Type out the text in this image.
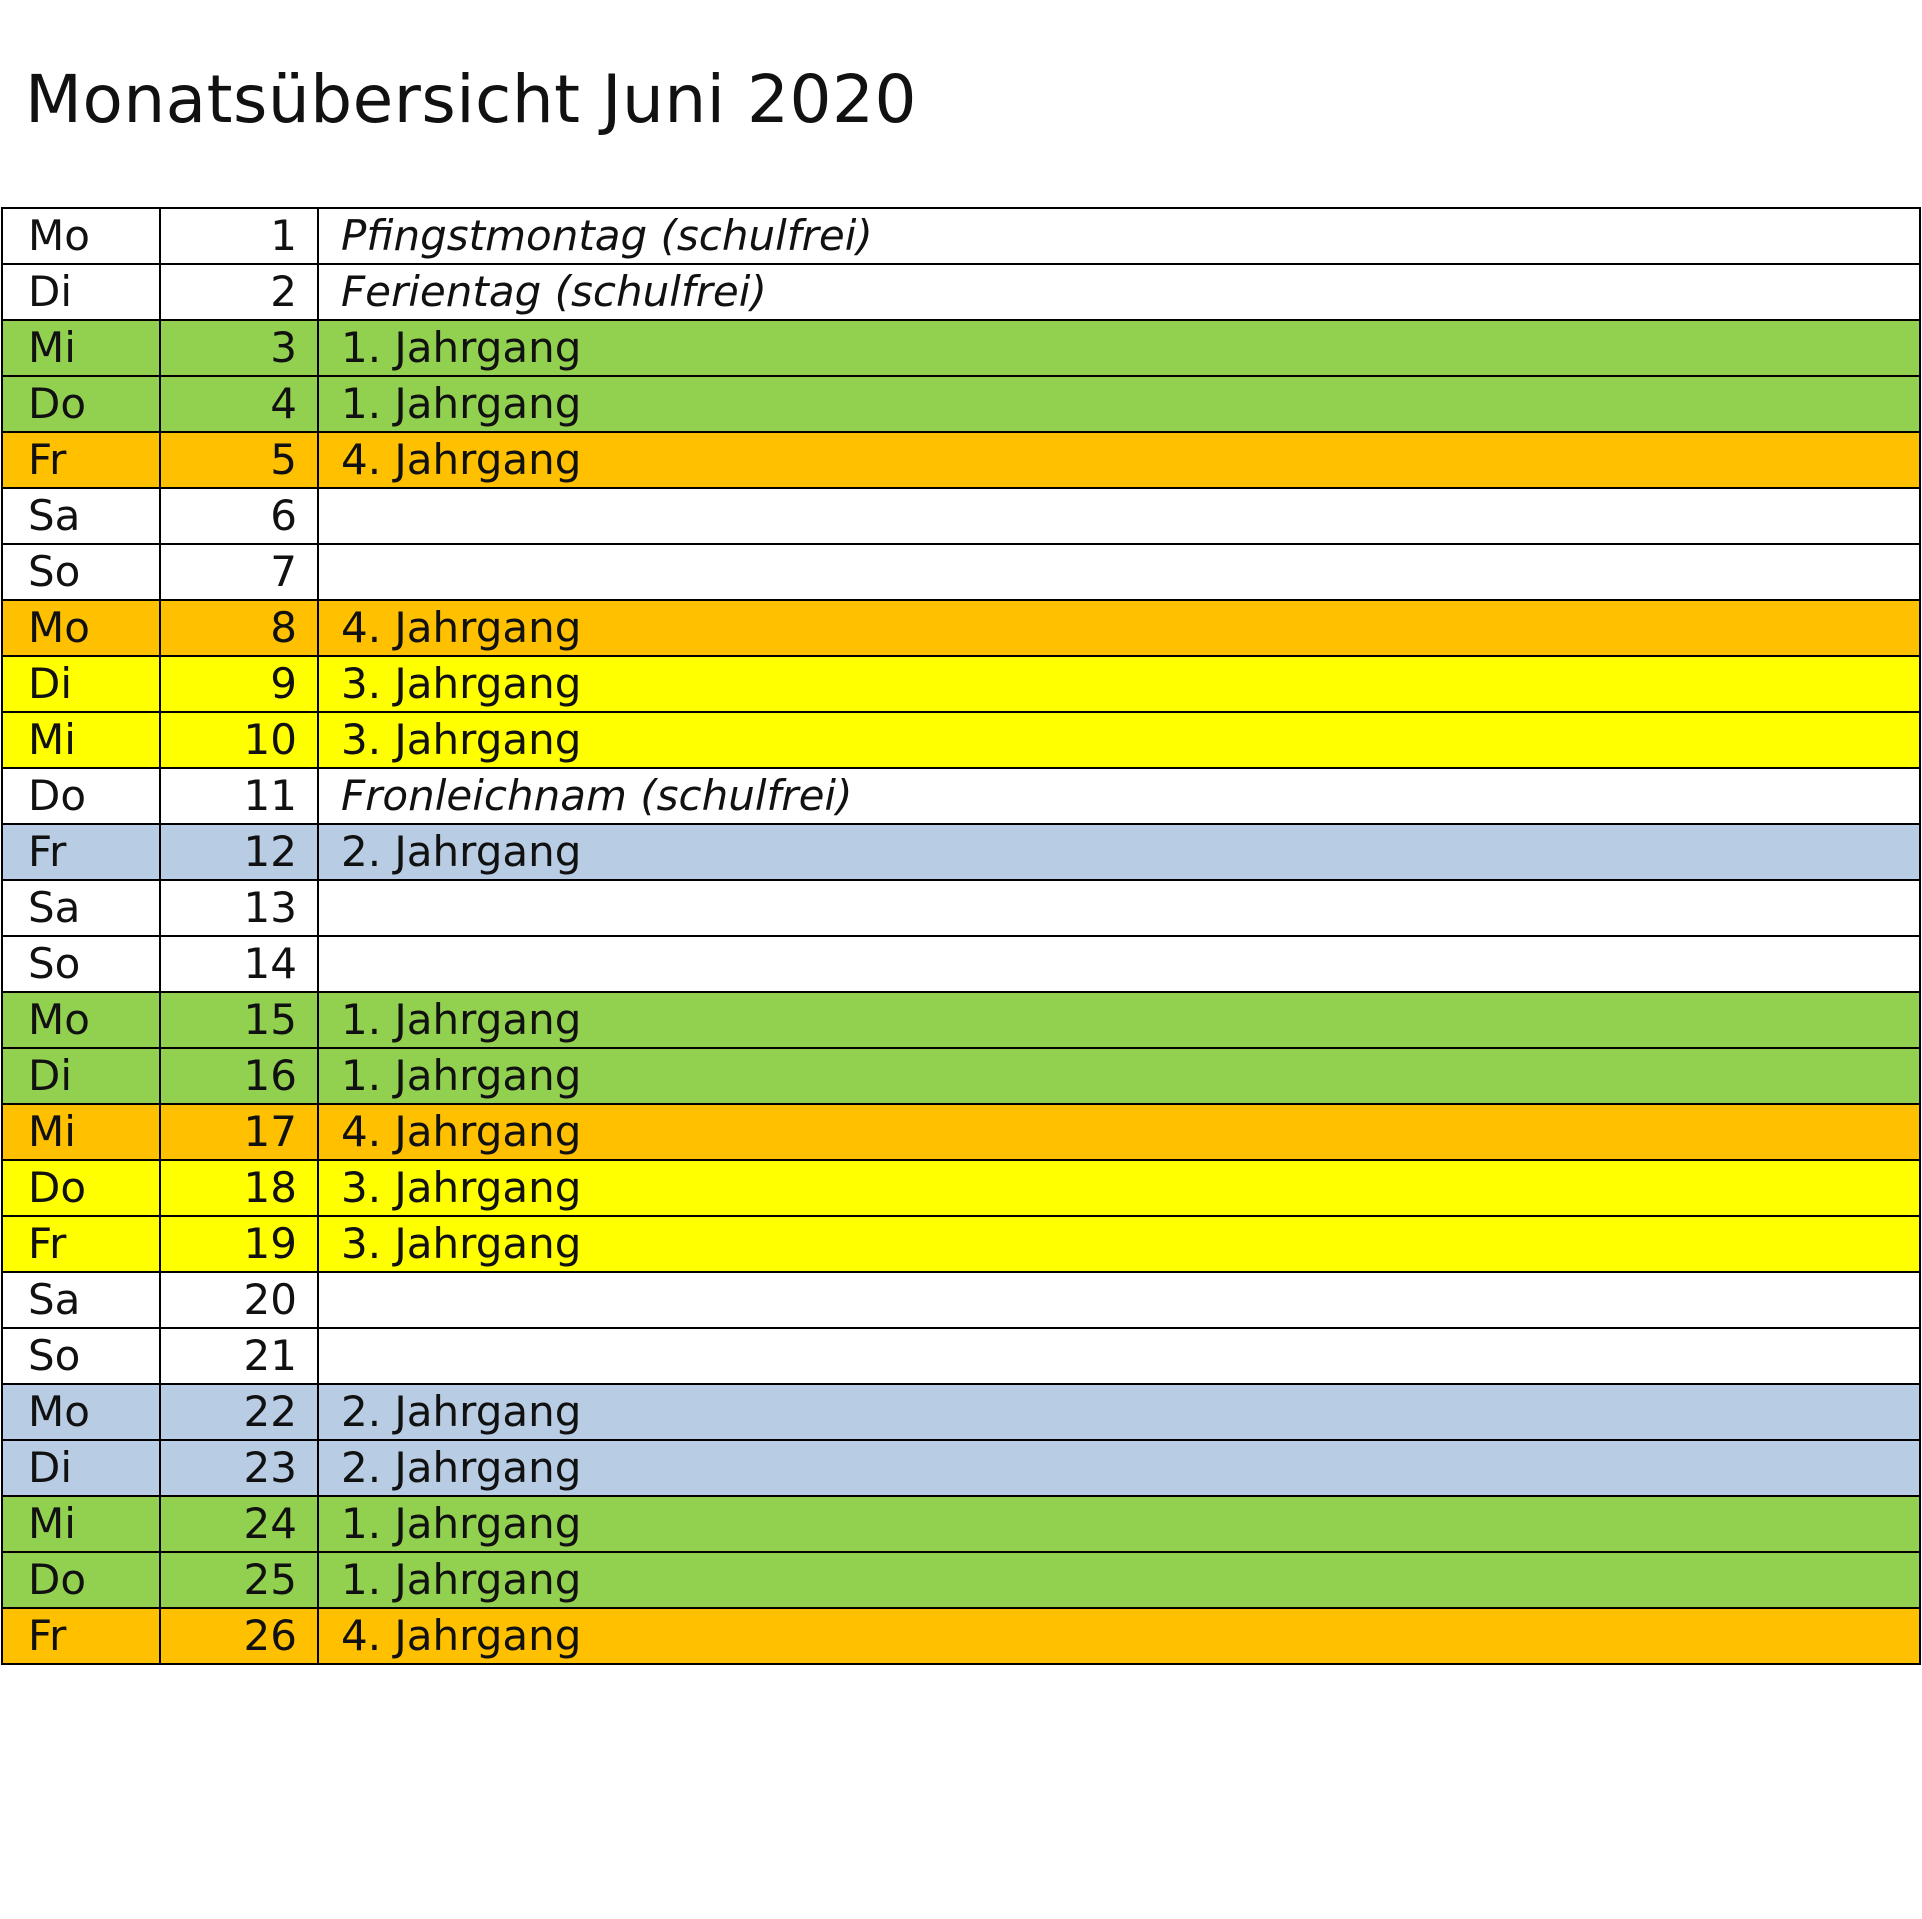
Monatsübersicht Juni 2020
Mo	1	Pfingstmontag (schulfrei)
Di	2	Ferientag (schulfrei)
Mi	3	1. Jahrgang
Do	4	1. Jahrgang
Fr	5	4. Jahrgang
Sa	6	
So	7	
Mo	8	4. Jahrgang
Di	9	3. Jahrgang
Mi	10	3. Jahrgang
Do	11	Fronleichnam (schulfrei)
Fr	12	2. Jahrgang
Sa	13	
So	14	
Mo	15	1. Jahrgang
Di	16	1. Jahrgang
Mi	17	4. Jahrgang
Do	18	3. Jahrgang
Fr	19	3. Jahrgang
Sa	20	
So	21	
Mo	22	2. Jahrgang
Di	23	2. Jahrgang
Mi	24	1. Jahrgang
Do	25	1. Jahrgang
Fr	26	4. Jahrgang
